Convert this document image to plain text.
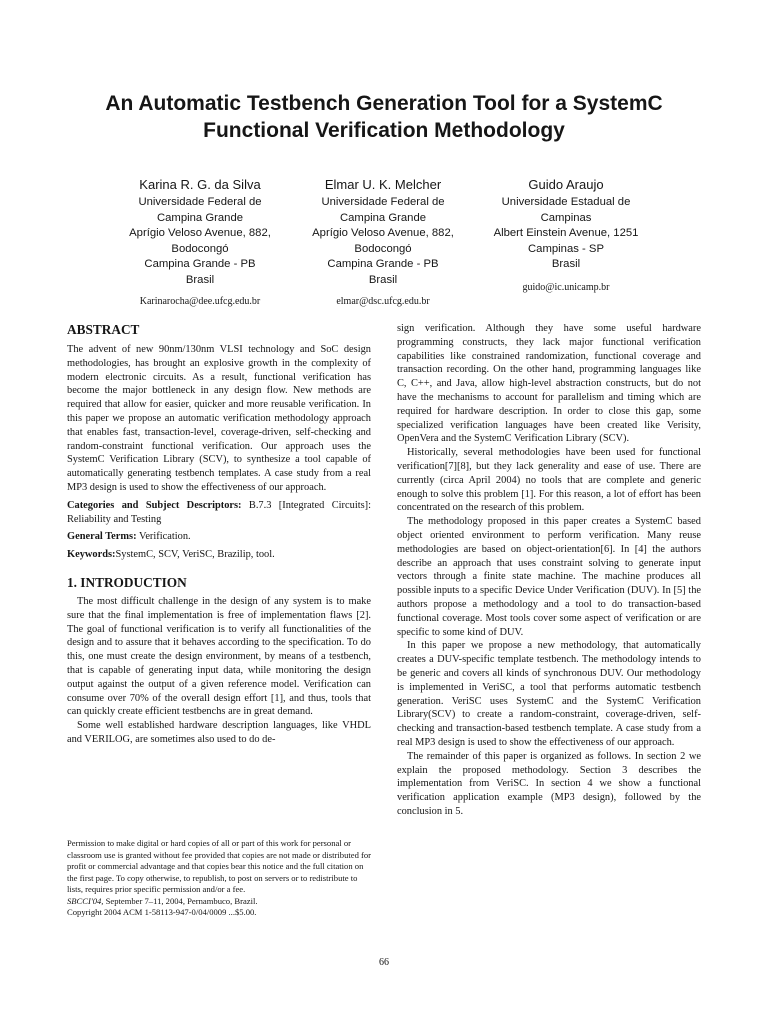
An Automatic Testbench Generation Tool for a SystemC
Functional Verification Methodology
Karina R. G. da Silva
Universidade Federal de
Campina Grande
Aprígio Veloso Avenue, 882,
Bodocongó
Campina Grande - PB
Brasil
Karinarocha@dee.ufcg.edu.br
Elmar U. K. Melcher
Universidade Federal de
Campina Grande
Aprígio Veloso Avenue, 882,
Bodocongó
Campina Grande - PB
Brasil
elmar@dsc.ufcg.edu.br
Guido Araujo
Universidade Estadual de
Campinas
Albert Einstein Avenue, 1251
Campinas - SP
Brasil
guido@ic.unicamp.br
ABSTRACT

The advent of new 90nm/130nm VLSI technology and SoC design methodologies, has brought an explosive growth in the complexity of modern electronic circuits. As a result, functional verification has become the major bottleneck in any design flow. New methods are required that allow for easier, quicker and more reusable verification. In this paper we propose an automatic verification methodology approach that enables fast, transaction-level, coverage-driven, self-checking and random-constraint functional verification. Our approach uses the SystemC Verification Library (SCV), to synthesize a tool capable of automatically generating testbench templates. A case study from a real MP3 design is used to show the effectiveness of our approach.

Categories and Subject Descriptors: B.7.3 [Integrated Circuits]: Reliability and Testing

General Terms: Verification.

Keywords:SystemC, SCV, VeriSC, Brazilip, tool.

1. INTRODUCTION

The most difficult challenge in the design of any system is to make sure that the final implementation is free of implementation flaws [2]. The goal of functional verification is to verify all functionalities of the design and to assure that it behaves according to the specification. To do this, one must create the design environment, by means of a testbench, that is capable of generating input data, while monitoring the design output against the output of a given reference model. Verification can consume over 70% of the overall design effort [1], and thus, tools that can quickly create efficient testbenchs are in great demand.

Some well established hardware description languages, like VHDL and VERILOG, are sometimes also used to do de-

Permission to make digital or hard copies of all or part of this work for personal or classroom use is granted without fee provided that copies are not made or distributed for profit or commercial advantage and that copies bear this notice and the full citation on the first page. To copy otherwise, to republish, to post on servers or to redistribute to lists, requires prior specific permission and/or a fee.

SBCCI'04, September 7–11, 2004, Pernambuco, Brazil.

Copyright 2004 ACM 1-58113-947-0/04/0009 ...$5.00.

sign verification. Although they have some useful hardware programming constructs, they lack major functional verification capabilities like constrained randomization, functional coverage and transaction recording. On the other hand, programming languages like C, C++, and Java, allow high-level abstraction constructs, but do not have the mechanisms to account for parallelism and timing which are required for hardware description. In order to close this gap, some specialized verification languages have been created like Verisity, OpenVera and the SystemC Verification Library (SCV).

Historically, several methodologies have been used for functional verification[7][8], but they lack generality and ease of use. There are currently (circa April 2004) no tools that are complete and generic enough to solve this problem [1]. For this reason, a lot of effort has been concentrated on the research of this problem.

The methodology proposed in this paper creates a SystemC based object oriented environment to perform verification. Many reuse methodologies are based on object-orientation[6]. In [4] the authors describe an approach that uses constraint solving to generate input vectors through a finite state machine. The machine produces all possible inputs to a specific Device Under Verification (DUV). In [5] the authors propose a methodology and a tool to do transaction-based functional coverage. Most tools cover some aspect of verification or are specific to some kind of DUV.

In this paper we propose a new methodology, that automatically creates a DUV-specific template testbench. The methodology intends to be generic and covers all kinds of synchronous DUV. Our methodology is implemented in VeriSC, a tool that performs automatic testbench generation. VeriSC uses SystemC and the SystemC Verification Library(SCV) to create a random-constraint, coverage-driven, self-checking and transaction-based testbench template. A case study from a real MP3 design is used to show the effectiveness of our approach.

The remainder of this paper is organized as follows. In section 2 we explain the proposed methodology. Section 3 describes the implementation from VeriSC. In section 4 we show a functional verification application example (MP3 design), followed by the conclusion in 5.

66
